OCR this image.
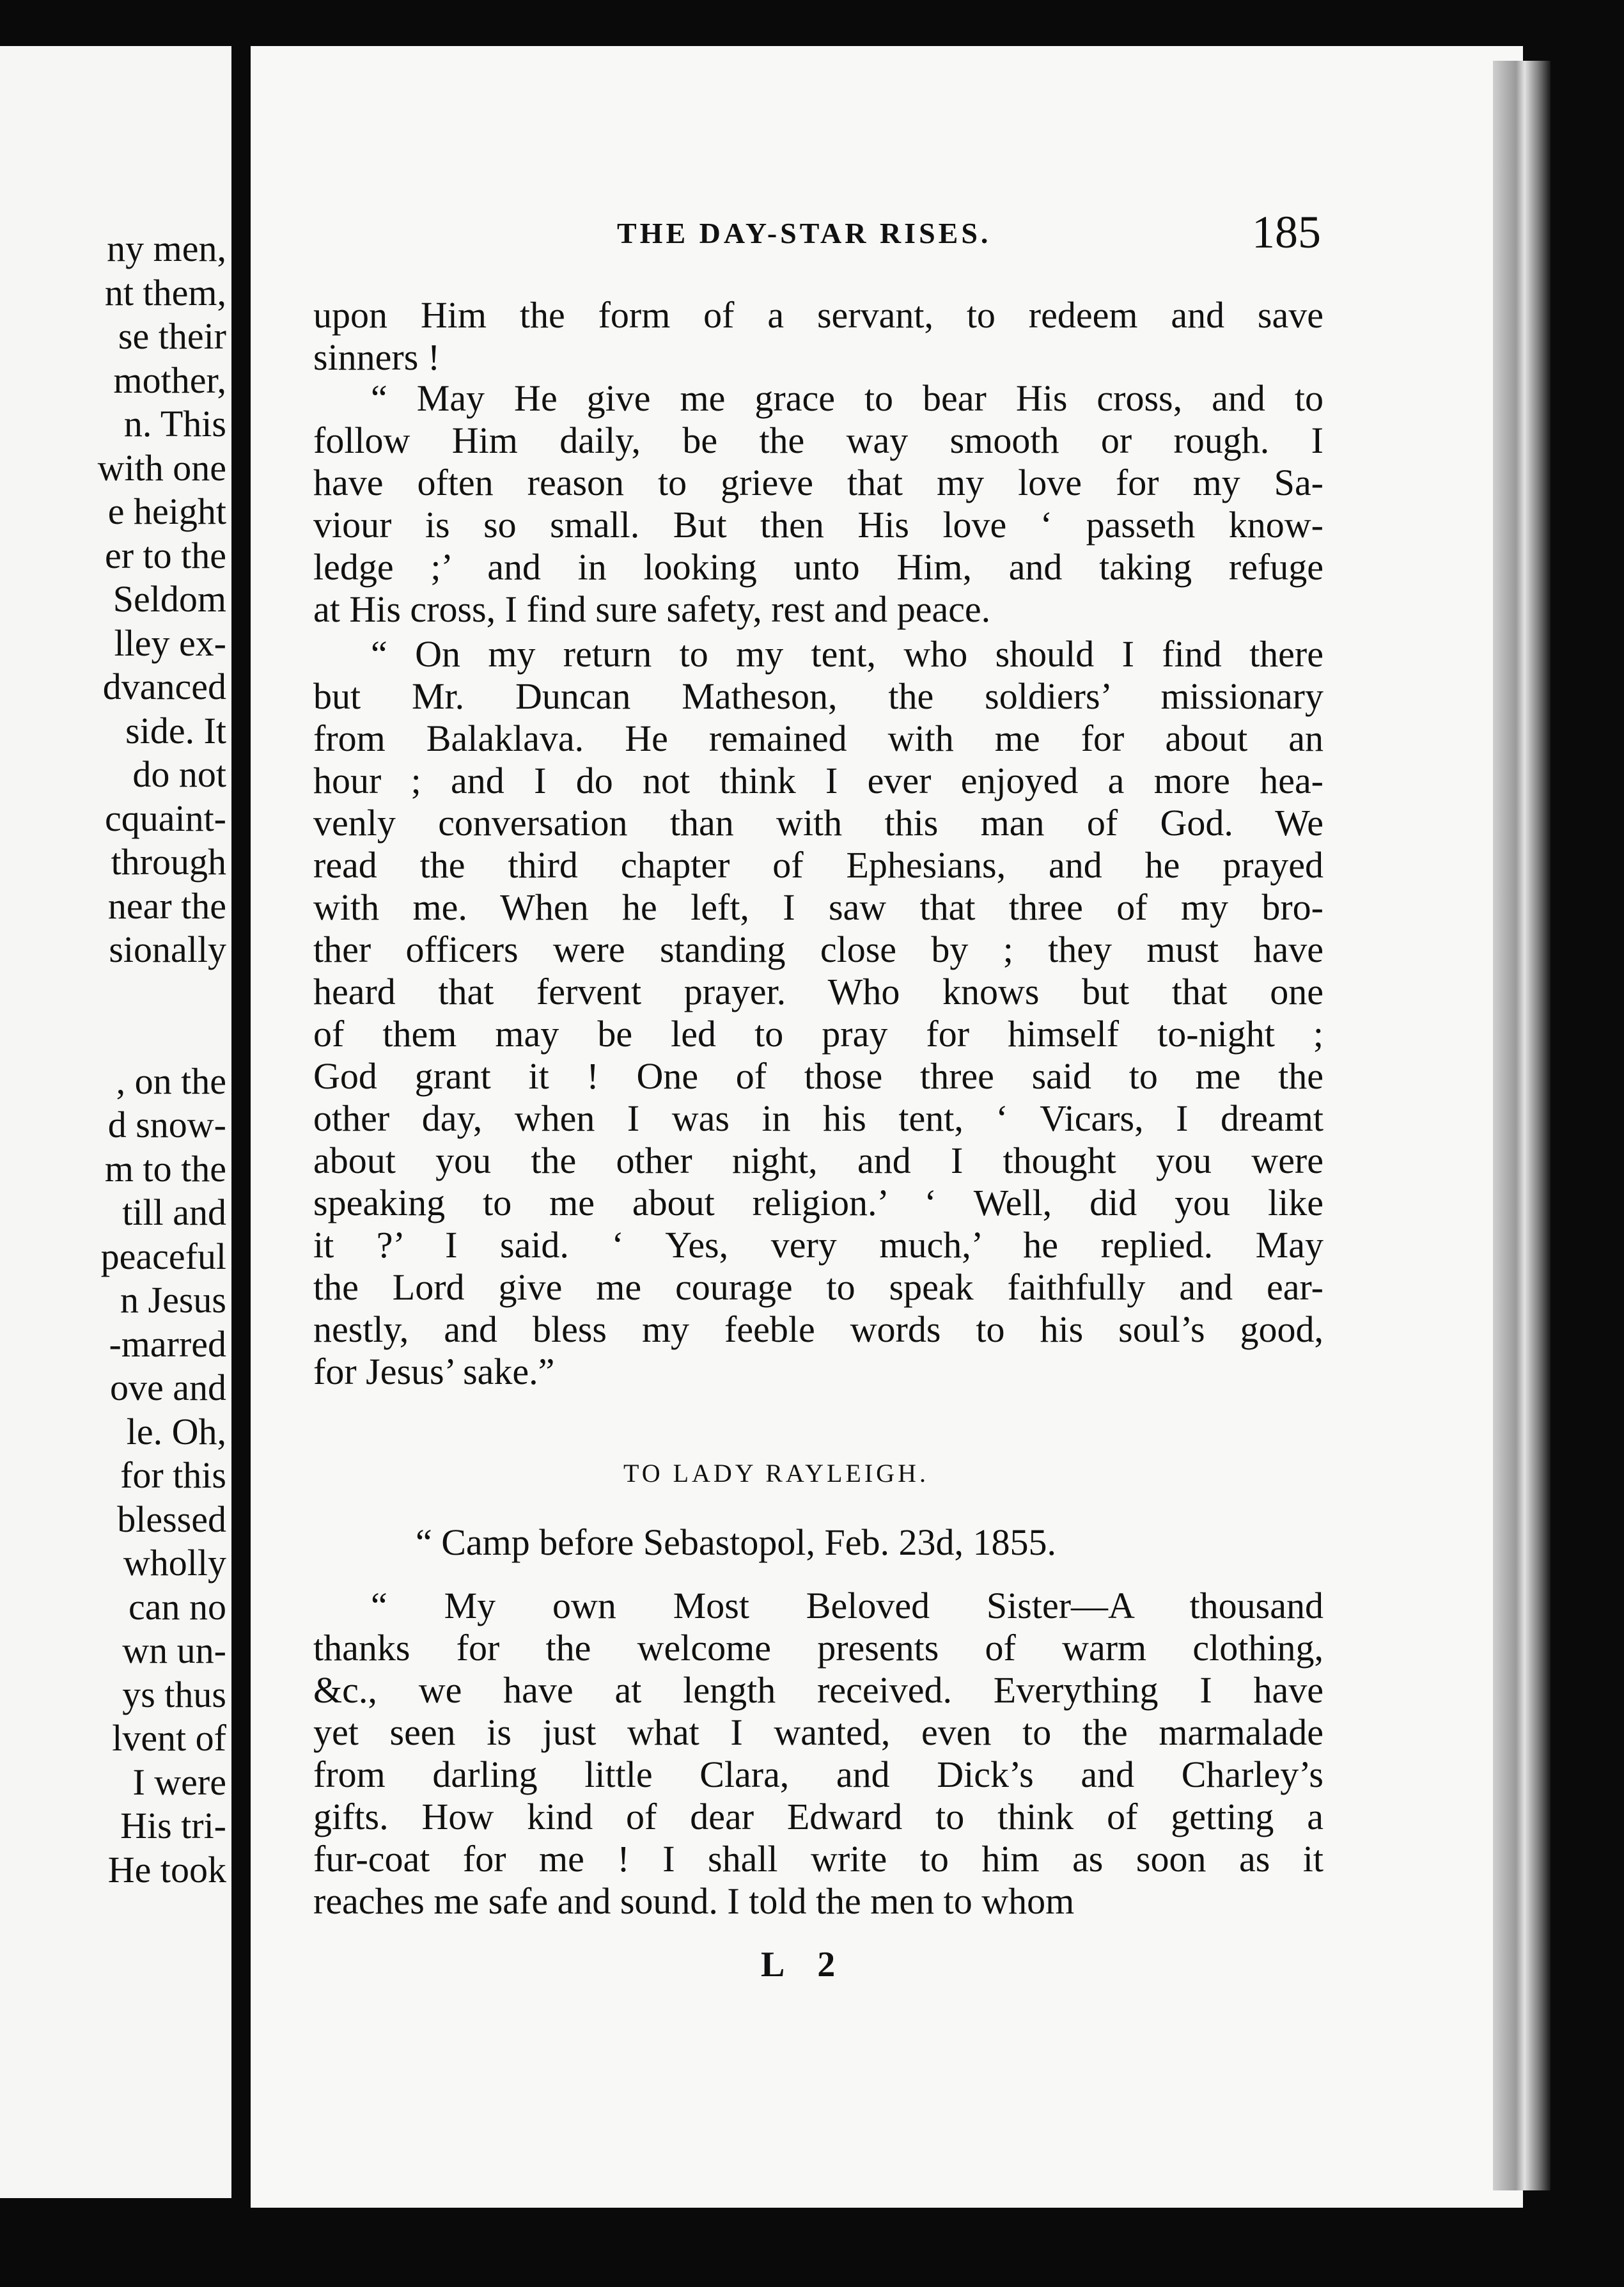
ny men,
nt them,
se their
mother,
n. This
with one
e height
er to the
Seldom
lley ex-
dvanced
side. It
do not
cquaint-
through
near the
sionally
, on the
d snow-
m to the
till and
peaceful
n Jesus
-marred
ove and
le. Oh,
for this
blessed
wholly
can no
wn un-
ys thus
lvent of
I were
His tri-
He took
THE DAY-STAR RISES.	185
upon Him the form of a servant, to redeem and save
sinners !
“ May He give me grace to bear His cross, and to
follow Him daily, be the way smooth or rough. I
have often reason to grieve that my love for my Sa-
viour is so small. But then His love ‘ passeth know-
ledge ;’ and in looking unto Him, and taking refuge
at His cross, I find sure safety, rest and peace.
“ On my return to my tent, who should I find there
but Mr. Duncan Matheson, the soldiers’ missionary
from Balaklava. He remained with me for about an
hour ; and I do not think I ever enjoyed a more hea-
venly conversation than with this man of God. We
read the third chapter of Ephesians, and he prayed
with me. When he left, I saw that three of my bro-
ther officers were standing close by ; they must have
heard that fervent prayer. Who knows but that one
of them may be led to pray for himself to-night ;
God grant it ! One of those three said to me the
other day, when I was in his tent, ‘ Vicars, I dreamt
about you the other night, and I thought you were
speaking to me about religion.’ ‘ Well, did you like
it ?’ I said. ‘ Yes, very much,’ he replied. May
the Lord give me courage to speak faithfully and ear-
nestly, and bless my feeble words to his soul’s good,
for Jesus’ sake.”
“ My own Most Beloved Sister—A thousand
thanks for the welcome presents of warm clothing,
&c., we have at length received. Everything I have
yet seen is just what I wanted, even to the marmalade
from darling little Clara, and Dick’s and Charley’s
gifts. How kind of dear Edward to think of getting a
fur-coat for me ! I shall write to him as soon as it
reaches me safe and sound. I told the men to whom
TO LADY RAYLEIGH.
“ Camp before Sebastopol, Feb. 23d, 1855.
L 2
